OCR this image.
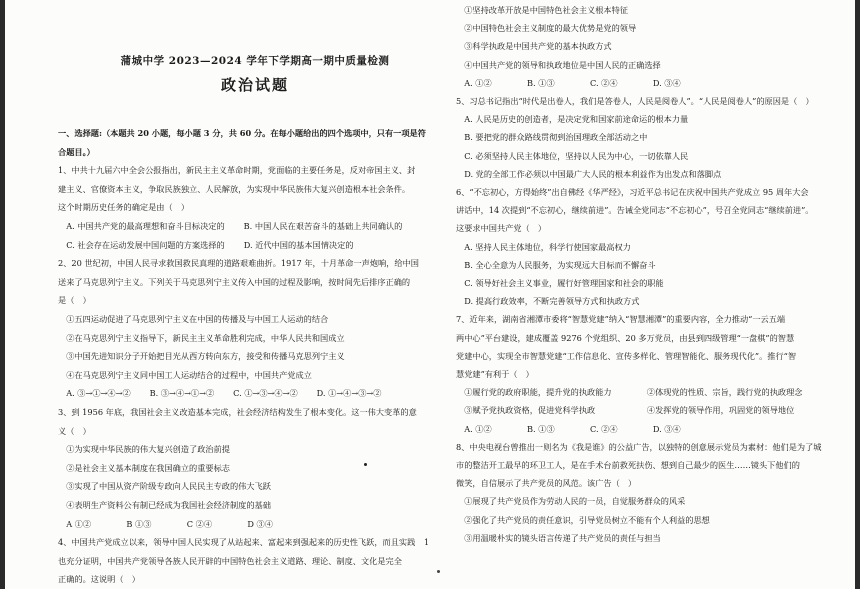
蒲城中学 2023—2024 学年下学期高一期中质量检测
政治试题
一、选择题:（本题共 20 小题，每小题 3 分，共 60 分。在每小题给出的四个选项中，只有一项是符
合题目。）
1、中共十九届六中全会公报指出，新民主主义革命时期，党面临的主要任务是，反对帝国主义、封
建主义、官僚资本主义，争取民族独立、人民解放，为实现中华民族伟大复兴创造根本社会条件。
这个时期历史任务的确定是由（　）
　A. 中国共产党的最高理想和奋斗目标决定的　　 B. 中国人民在艰苦奋斗的基础上共同确认的
　C. 社会存在运动发展中国问题的方案选择的　　 D. 近代中国的基本国情决定的
2、20 世纪初，中国人民寻求救国救民真理的道路艰难曲折。1917 年，十月革命一声炮响，给中国
送来了马克思列宁主义。下列关于马克思列宁主义传入中国的过程及影响，按时间先后排序正确的
是（　）
　①五四运动促进了马克思列宁主义在中国的传播及与中国工人运动的结合
　②在马克思列宁主义指导下，新民主主义革命胜利完成，中华人民共和国成立
　③中国先进知识分子开始把目光从西方转向东方，接受和传播马克思列宁主义
　④在马克思列宁主义同中国工人运动结合的过程中，中国共产党成立
　A. ③→①→④→②　　 B. ③→④→①→②　　 C. ①→③→④→②　　 D. ①→④→③→②
3、到 1956 年底，我国社会主义改造基本完成，社会经济结构发生了根本变化。这一伟大变革的意
义（　）
　①为实现中华民族的伟大复兴创造了政治前提
　②是社会主义基本制度在我国确立的重要标志
　③实现了中国从资产阶级专政向人民民主专政的伟大飞跃
　④表明生产资料公有制已经成为我国社会经济制度的基础
　A ①②　　　　 B ①③　　　　 C ②④　　　　 D ③④
4、中国共产党成立以来，领导中国人民实现了从站起来、富起来到强起来的历史性飞跃，而且实践
也充分证明，中国共产党领导各族人民开辟的中国特色社会主义道路、理论、制度、文化是完全
正确的。这说明（　）
　①坚持改革开放是中国特色社会主义根本特征
　②中国特色社会主义制度的最大优势是党的领导
　③科学执政是中国共产党的基本执政方式
　④中国共产党的领导和执政地位是中国人民的正确选择
　A. ①②　　　　 B. ①③　　　　 C. ②④　　　　 D. ③④
5、习总书记指出“时代是出卷人，我们是答卷人，人民是阅卷人”。“人民是阅卷人”的原因是（　）
　A. 人民是历史的创造者，是决定党和国家前途命运的根本力量
　B. 要把党的群众路线贯彻到治国理政全部活动之中
　C. 必须坚持人民主体地位，坚持以人民为中心，一切依靠人民
　D. 党的全部工作必须以中国最广大人民的根本利益作为出发点和落脚点
6、“不忘初心，方得始终”出自佛经《华严经》，习近平总书记在庆祝中国共产党成立 95 周年大会
讲话中，14 次提到“不忘初心，继续前进”。告诫全党同志“不忘初心”，号召全党同志“继续前进”。
这要求中国共产党（　）
　A. 坚持人民主体地位，科学行使国家最高权力
　B. 全心全意为人民服务，为实现远大目标而不懈奋斗
　C. 领导好社会主义事业，履行好管理国家和社会的职能
　D. 提高行政效率，不断完善领导方式和执政方式
7、近年来，湖南省湘潭市委将“智慧党建”纳入“智慧湘潭”的重要内容，全力推动“一云五端
两中心”平台建设，建成覆盖 9276 个党组织、20 多万党员，由县到四级管理“一盘棋”的智慧
党建中心，实现全市智慧党建“工作信息化、宣传多样化、管理智能化、服务现代化”。推行“智
慧党建”有利于（　）
　①履行党的政府职能，提升党的执政能力　　　　 ②体现党的性质、宗旨，践行党的执政理念
　③赋予党执政资格，促进党科学执政　　　　　　 ④发挥党的领导作用，巩固党的领导地位
　A. ①②　　　　 B. ①③　　　　 C. ②④　　　　 D. ③④
8、中央电视台曾推出一则名为《我是谁》的公益广告，以独特的创意展示党员为素材：他们是为了城
市的整洁开工最早的环卫工人，是在手术台前救死扶伤、想到自己最少的医生……镜头下他们的
微笑，自信展示了共产党员的风范。该广告（　）
　①展现了共产党员作为劳动人民的一员，自觉服务群众的风采
　②强化了共产党员的责任意识，引导党员树立不能有个人利益的思想
　③用温暖朴实的镜头语言传递了共产党员的责任与担当
1
